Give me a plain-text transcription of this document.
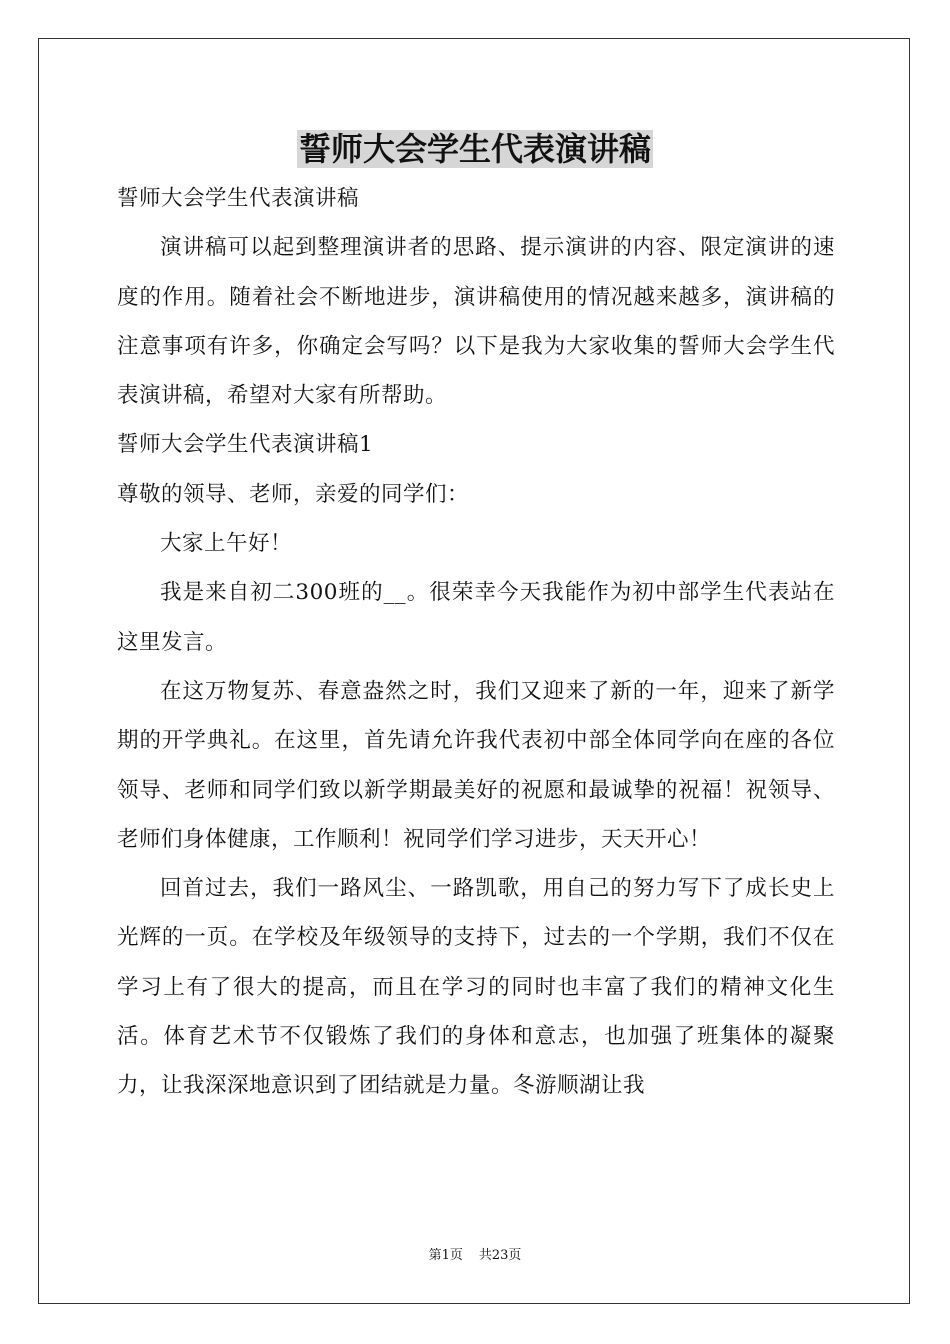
誓师大会学生代表演讲稿

誓师大会学生代表演讲稿

演讲稿可以起到整理演讲者的思路、提示演讲的内容、限定演讲的速度的作用。随着社会不断地进步，演讲稿使用的情况越来越多，演讲稿的注意事项有许多，你确定会写吗？以下是我为大家收集的誓师大会学生代表演讲稿，希望对大家有所帮助。

誓师大会学生代表演讲稿1

尊敬的领导、老师，亲爱的同学们：

大家上午好！

我是来自初二300班的__。很荣幸今天我能作为初中部学生代表站在这里发言。

在这万物复苏、春意盎然之时，我们又迎来了新的一年，迎来了新学期的开学典礼。在这里，首先请允许我代表初中部全体同学向在座的各位领导、老师和同学们致以新学期最美好的祝愿和最诚挚的祝福！祝领导、老师们身体健康，工作顺利！祝同学们学习进步，天天开心！

回首过去，我们一路风尘、一路凯歌，用自己的努力写下了成长史上光辉的一页。在学校及年级领导的支持下，过去的一个学期，我们不仅在学习上有了很大的提高，而且在学习的同时也丰富了我们的精神文化生活。体育艺术节不仅锻炼了我们的身体和意志，也加强了班集体的凝聚力，让我深深地意识到了团结就是力量。冬游顺湖让我

第1页 共23页
